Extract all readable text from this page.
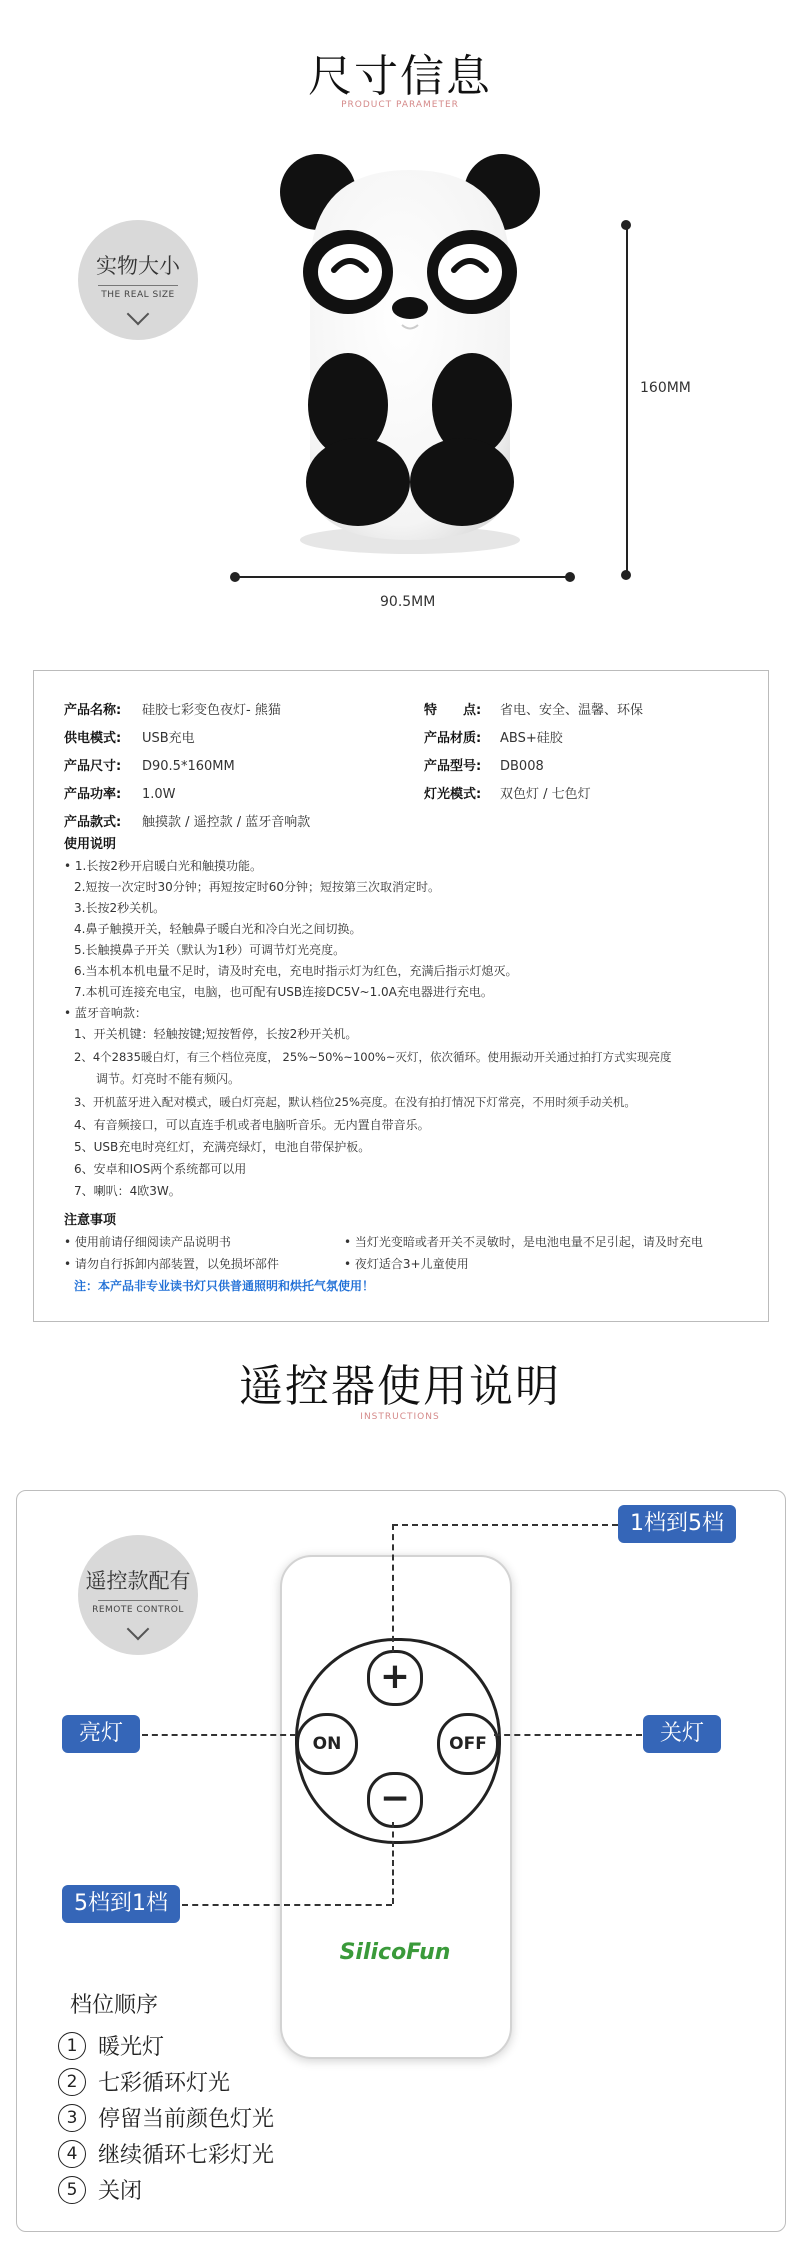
尺寸信息
PRODUCT PARAMETER
实物大小
THE REAL SIZE
160MM
90.5MM
产品名称: 硅胶七彩变色夜灯- 熊猫
供电模式: USB充电
产品尺寸: D90.5*160MM
产品功率: 1.0W
产品款式: 触摸款 / 遥控款 / 蓝牙音响款
特　　点: 省电、安全、温馨、环保
产品材质: ABS+硅胶
产品型号: DB008
灯光模式: 双色灯 / 七色灯
使用说明
• 1.长按2秒开启暖白光和触摸功能。
2.短按一次定时30分钟；再短按定时60分钟；短按第三次取消定时。
3.长按2秒关机。
4.鼻子触摸开关，轻触鼻子暖白光和冷白光之间切换。
5.长触摸鼻子开关（默认为1秒）可调节灯光亮度。
6.当本机本机电量不足时，请及时充电，充电时指示灯为红色，充满后指示灯熄灭。
7.本机可连接充电宝，电脑，也可配有USB连接DC5V~1.0A充电器进行充电。
• 蓝牙音响款：
1、开关机键：轻触按键;短按暂停，长按2秒开关机。
2、4个2835暖白灯，有三个档位亮度， 25%~50%~100%~灭灯，依次循环。使用振动开关通过拍打方式实现亮度
调节。灯亮时不能有频闪。
3、开机蓝牙进入配对模式，暖白灯亮起，默认档位25%亮度。在没有拍打情况下灯常亮，不用时须手动关机。
4、有音频接口，可以直连手机或者电脑听音乐。无内置自带音乐。
5、USB充电时亮红灯，充满亮绿灯，电池自带保护板。
6、安卓和IOS两个系统都可以用
7、喇叭：4欧3W。
注意事项
• 使用前请仔细阅读产品说明书	• 当灯光变暗或者开关不灵敏时，是电池电量不足引起，请及时充电
• 请勿自行拆卸内部装置，以免损坏部件	• 夜灯适合3+儿童使用
注：本产品非专业读书灯只供普通照明和烘托气氛使用！
遥控器使用说明
INSTRUCTIONS
遥控款配有
REMOTE CONTROL
+
ON	OFF
−
SilicoFun
1档到5档
亮灯	关灯
5档到1档
档位顺序
1 暖光灯
2 七彩循环灯光
3 停留当前颜色灯光
4 继续循环七彩灯光
5 关闭
